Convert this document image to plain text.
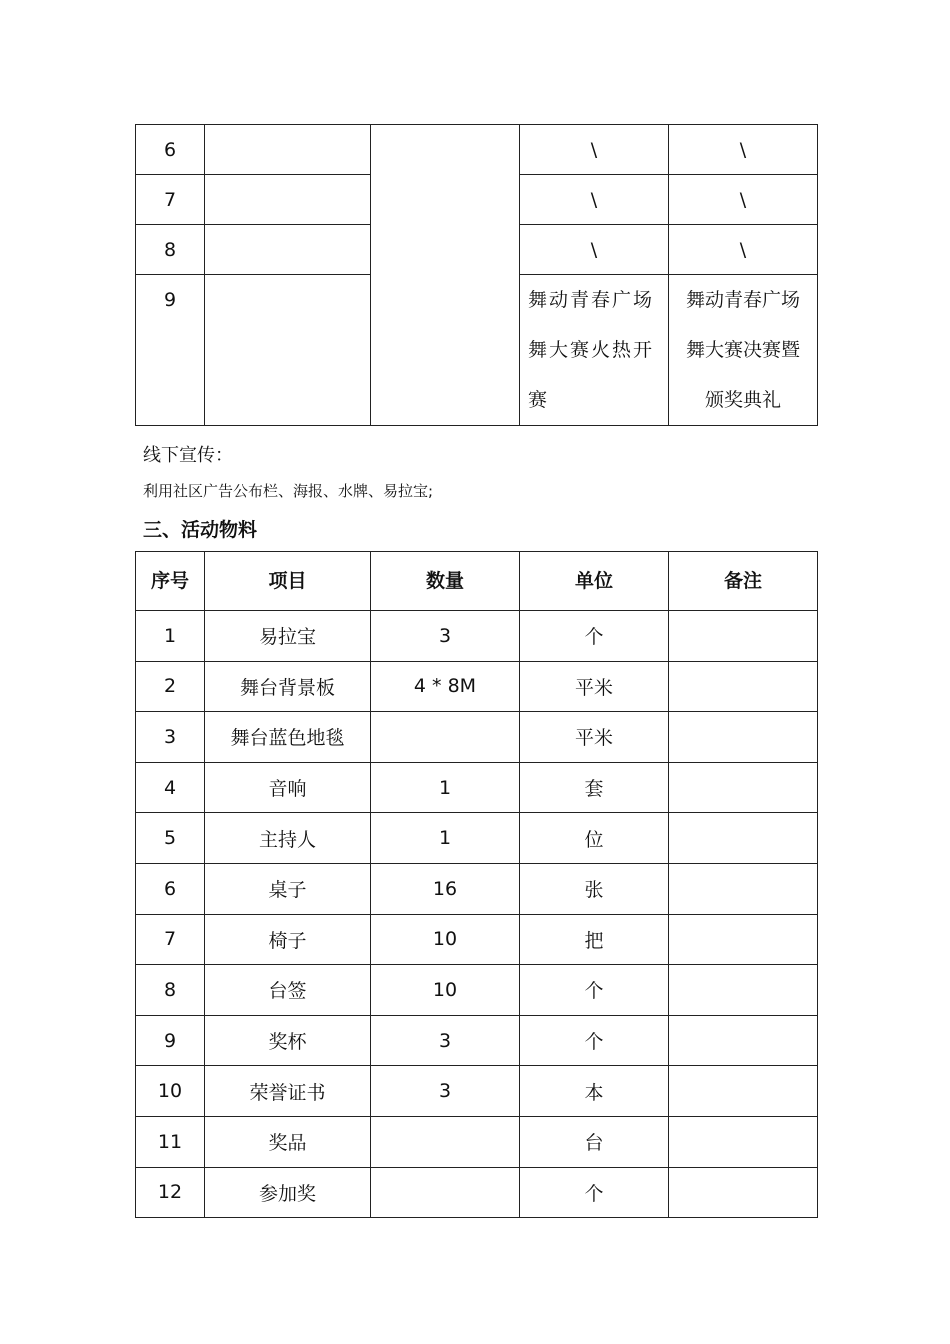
6			\	\
7			\	\
8			\	\
9			舞动青春广场
舞大赛火热开
赛	舞动青春广场
舞大赛决赛暨
颁奖典礼
线下宣传：
利用社区广告公布栏、海报、水牌、易拉宝;
三、活动物料
序号	项目	数量	单位	备注
1	易拉宝	3	个	
2	舞台背景板	4 * 8M	平米	
3	舞台蓝色地毯		平米	
4	音响	1	套	
5	主持人	1	位	
6	桌子	16	张	
7	椅子	10	把	
8	台签	10	个	
9	奖杯	3	个	
10	荣誉证书	3	本	
11	奖品		台	
12	参加奖		个	
